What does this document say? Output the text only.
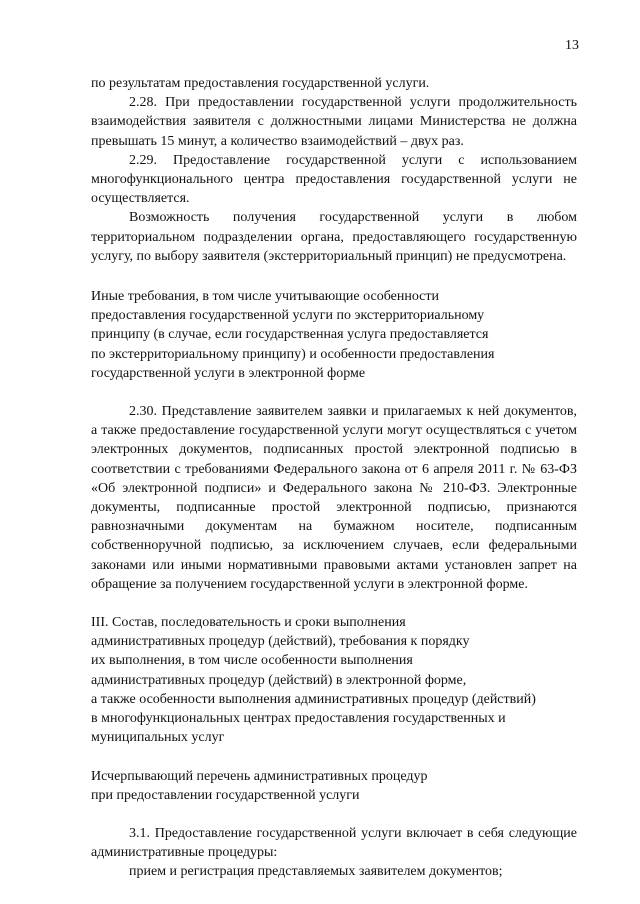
13

по результатам предоставления государственной услуги.

2.28. При предоставлении государственной услуги продолжительность взаимодействия заявителя с должностными лицами Министерства не должна превышать 15 минут, а количество взаимодействий – двух раз.

2.29. Предоставление государственной услуги с использованием многофункционального центра предоставления государственной услуги не осуществляется.

Возможность получения государственной услуги в любом территориальном подразделении органа, предоставляющего государственную услугу, по выбору заявителя (экстерриториальный принцип) не предусмотрена.

Иные требования, в том числе учитывающие особенности

предоставления государственной услуги по экстерриториальному

принципу (в случае, если государственная услуга предоставляется

по экстерриториальному принципу) и особенности предоставления

государственной услуги в электронной форме

2.30. Представление заявителем заявки и прилагаемых к ней документов, а также предоставление государственной услуги могут осуществляться с учетом электронных документов, подписанных простой электронной подписью в соответствии с требованиями Федерального закона от 6 апреля 2011 г. № 63-ФЗ «Об электронной подписи» и Федерального закона № 210-ФЗ. Электронные документы, подписанные простой электронной подписью, признаются равнозначными документам на бумажном носителе, подписанным собственноручной подписью, за исключением случаев, если федеральными законами или иными нормативными правовыми актами установлен запрет на обращение за получением государственной услуги в электронной форме.

III. Состав, последовательность и сроки выполнения

административных процедур (действий), требования к порядку

их выполнения, в том числе особенности выполнения

административных процедур (действий) в электронной форме,

а также особенности выполнения административных процедур (действий)

в многофункциональных центрах предоставления государственных и

муниципальных услуг

Исчерпывающий перечень административных процедур

при предоставлении государственной услуги

3.1. Предоставление государственной услуги включает в себя следующие административные процедуры:

прием и регистрация представляемых заявителем документов;
